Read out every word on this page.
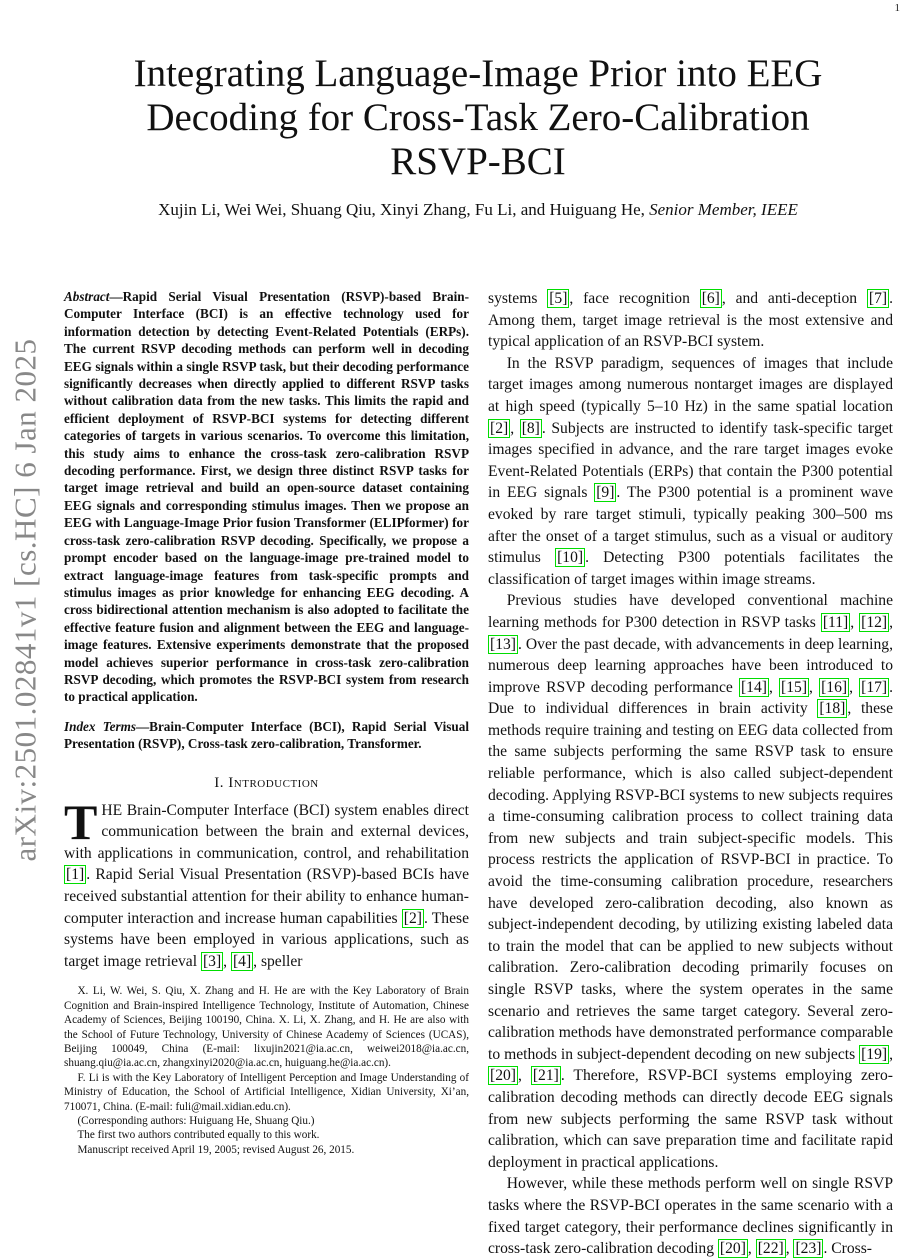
1
arXiv:2501.02841v1 [cs.HC] 6 Jan 2025
Integrating Language-Image Prior into EEG
Decoding for Cross-Task Zero-Calibration
RSVP-BCI
Xujin Li, Wei Wei, Shuang Qiu, Xinyi Zhang, Fu Li, and Huiguang He, Senior Member, IEEE
Abstract—Rapid Serial Visual Presentation (RSVP)-based Brain-Computer Interface (BCI) is an effective technology used for information detection by detecting Event-Related Potentials (ERPs). The current RSVP decoding methods can perform well in decoding EEG signals within a single RSVP task, but their decoding performance significantly decreases when directly applied to different RSVP tasks without calibration data from the new tasks. This limits the rapid and efficient deployment of RSVP-BCI systems for detecting different categories of targets in various scenarios. To overcome this limitation, this study aims to enhance the cross-task zero-calibration RSVP decoding performance. First, we design three distinct RSVP tasks for target image retrieval and build an open-source dataset containing EEG signals and corresponding stimulus images. Then we propose an EEG with Language-Image Prior fusion Transformer (ELIPformer) for cross-task zero-calibration RSVP decoding. Specifically, we propose a prompt encoder based on the language-image pre-trained model to extract language-image features from task-specific prompts and stimulus images as prior knowledge for enhancing EEG decoding. A cross bidirectional attention mechanism is also adopted to facilitate the effective feature fusion and alignment between the EEG and language-image features. Extensive experiments demonstrate that the proposed model achieves superior performance in cross-task zero-calibration RSVP decoding, which promotes the RSVP-BCI system from research to practical application.
Index Terms—Brain-Computer Interface (BCI), Rapid Serial Visual Presentation (RSVP), Cross-task zero-calibration, Transformer.
I. Introduction

THE Brain-Computer Interface (BCI) system enables direct communication between the brain and external devices, with applications in communication, control, and rehabilitation [1] . Rapid Serial Visual Presentation (RSVP)-based BCIs have received substantial attention for their ability to enhance human-computer interaction and increase human capabilities [2] . These systems have been employed in various applications, such as target image retrieval [3] , [4] , speller

X. Li, W. Wei, S. Qiu, X. Zhang and H. He are with the Key Laboratory of Brain Cognition and Brain-inspired Intelligence Technology, Institute of Automation, Chinese Academy of Sciences, Beijing 100190, China. X. Li, X. Zhang, and H. He are also with the School of Future Technology, University of Chinese Academy of Sciences (UCAS), Beijing 100049, China (E-mail: lixujin2021@ia.ac.cn, weiwei2018@ia.ac.cn, shuang.qiu@ia.ac.cn, zhangxinyi2020@ia.ac.cn, huiguang.he@ia.ac.cn).

F. Li is with the Key Laboratory of Intelligent Perception and Image Understanding of Ministry of Education, the School of Artificial Intelligence, Xidian University, Xi’an, 710071, China. (E-mail: fuli@mail.xidian.edu.cn).

(Corresponding authors: Huiguang He, Shuang Qiu.)

The first two authors contributed equally to this work.

Manuscript received April 19, 2005; revised August 26, 2015.

systems [5] , face recognition [6] , and anti-deception [7] . Among them, target image retrieval is the most extensive and typical application of an RSVP-BCI system.

In the RSVP paradigm, sequences of images that include target images among numerous nontarget images are displayed at high speed (typically 5–10 Hz) in the same spatial location [2] , [8] . Subjects are instructed to identify task-specific target images specified in advance, and the rare target images evoke Event-Related Potentials (ERPs) that contain the P300 potential in EEG signals [9] . The P300 potential is a prominent wave evoked by rare target stimuli, typically peaking 300–500 ms after the onset of a target stimulus, such as a visual or auditory stimulus [10] . Detecting P300 potentials facilitates the classification of target images within image streams.

Previous studies have developed conventional machine learning methods for P300 detection in RSVP tasks [11] , [12] , [13] . Over the past decade, with advancements in deep learning, numerous deep learning approaches have been introduced to improve RSVP decoding performance [14] , [15] , [16] , [17] . Due to individual differences in brain activity [18] , these methods require training and testing on EEG data collected from the same subjects performing the same RSVP task to ensure reliable performance, which is also called subject-dependent decoding. Applying RSVP-BCI systems to new subjects requires a time-consuming calibration process to collect training data from new subjects and train subject-specific models. This process restricts the application of RSVP-BCI in practice. To avoid the time-consuming calibration procedure, researchers have developed zero-calibration decoding, also known as subject-independent decoding, by utilizing existing labeled data to train the model that can be applied to new subjects without calibration. Zero-calibration decoding primarily focuses on single RSVP tasks, where the system operates in the same scenario and retrieves the same target category. Several zero-calibration methods have demonstrated performance comparable to methods in subject-dependent decoding on new subjects [19] , [20] , [21] . Therefore, RSVP-BCI systems employing zero-calibration decoding methods can directly decode EEG signals from new subjects performing the same RSVP task without calibration, which can save preparation time and facilitate rapid deployment in practical applications.

However, while these methods perform well on single RSVP tasks where the RSVP-BCI operates in the same scenario with a fixed target category, their performance declines significantly in cross-task zero-calibration decoding [20] , [22] , [23] . Cross-
